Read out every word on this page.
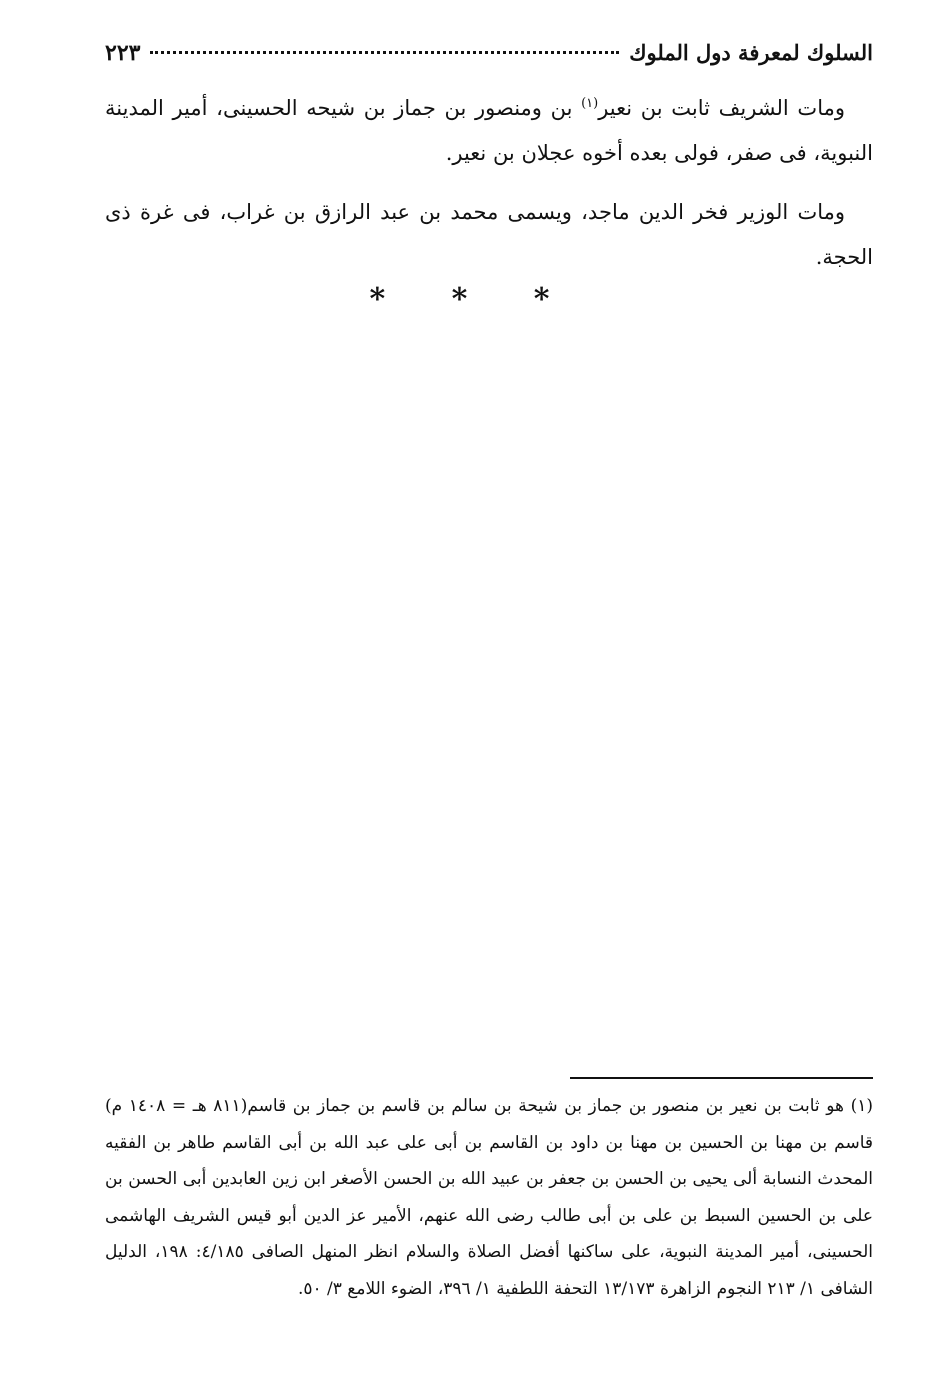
السلوك لمعرفة دول الملوك
٢٢٣

ومات الشريف ثابت بن نعير$^{(١)}$ بن ومنصور بن جماز بن شيحه الحسينى، أمير المدينة النبوية، فى صفر، فولى بعده أخوه عجلان بن نعير.

ومات الوزير فخر الدين ماجد، ويسمى محمد بن عبد الرازق بن غراب، فى غرة ذى الحجة.

* * *

(١) هو ثابت بن نعير بن منصور بن جماز بن شيحة بن سالم بن قاسم بن جماز بن قاسم(٨١١ هـ = ١٤٠٨ م) قاسم بن مهنا بن الحسين بن مهنا بن داود بن القاسم بن أبى على عبد الله بن أبى القاسم طاهر بن الفقيه المحدث النسابة ألى يحيى بن الحسن بن جعفر بن عبيد الله بن الحسن الأصغر ابن زين العابدين أبى الحسن بن على بن الحسين السبط بن على بن أبى طالب رضى الله عنهم، الأمير عز الدين أبو قيس الشريف الهاشمى الحسينى، أمير المدينة النبوية، على ساكنها أفضل الصلاة والسلام انظر المنهل الصافى ٤/١٨٥: ١٩٨، الدليل الشافى ١/ ٢١٣ النجوم الزاهرة ١٣/١٧٣ التحفة اللطفية ١/ ٣٩٦، الضوء اللامع ٣/ ٥٠.
